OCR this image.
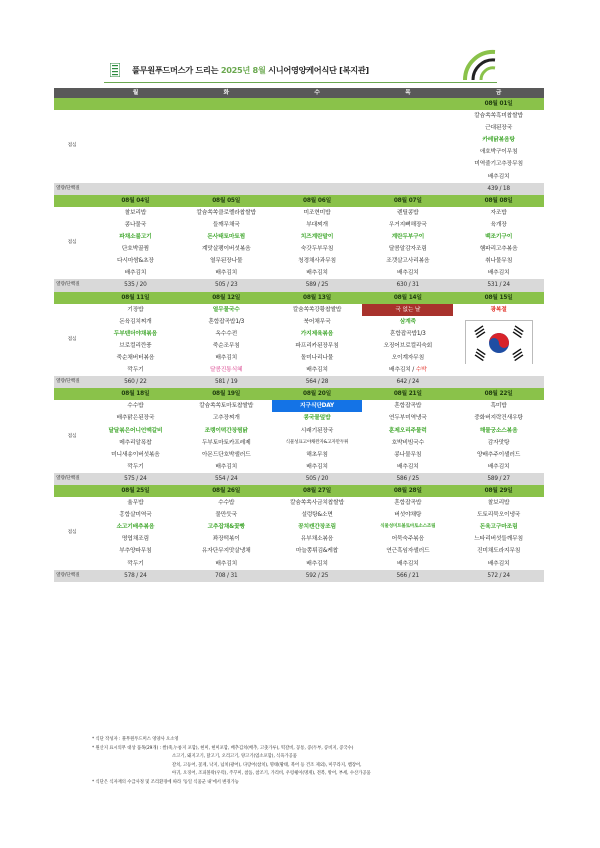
풀무원푸드머스가 드리는 2025년 8월 시니어영양케어식단 [복지관]
	월	화	수	목	금
					08월 01일
점심					칼슘쏙쏙흑미찹쌀밥
					근대된장국
					카레닭볶음탕
					애호박구이무침
					미역줄기고추장무침
					배추김치
열량/단백질					439 / 18
	08월 04일	08월 05일	08월 06일	08월 07일	08월 08일
점심	찰보리밥	칼슘쏙쏙클로렐라찹쌀밥	미조현미밥	렌틸콩밥	자조밥
	콩나물국	들깨무채국	부대찌개	우거지뼈해장국	육개장
	파채소불고기	돈사태토마토찜	치즈계란말이	계란두부구이	백조기구이
	단호박꿀찜	계맛살팽이버섯볶음	숙갓두부무침	달콤알감자조림	햄파리고추볶음
	다시마쌈&초장	열무된장나물	청경채사과무침	조갯살고사리볶음	취나물무침
	배추김치	배추김치	배추김치	배추김치	배추김치
열량/단백질	535 / 20	505 / 23	589 / 25	630 / 31	531 / 24
	08월 11일	08월 12일	08월 13일	08월 14일	08월 15일
점심	기장밥	열무물국수	칼슘쏙쏙강황찹쌀밥	국 없는 날	광복절
	돈육김치찌개	혼합잡곡밥1/3	북어채무국	삼계죽	

	두부텐더야채볶음	옥수수전	가지제육볶음	혼합잡곡밥1/3	
	브로컬리깐풍	죽순조무침	파프리카된장무침	오징어브로컬리숙회	
	죽순채버터볶음	배추김치	돌미나리나물	오이계자무침	
	깍두기	달콤진통식혜	배추김치	배추김치 / 수박	
열량/단백질	560 / 22	581 / 19	564 / 28	642 / 24	
	08월 18일	08월 19일	08월 20일	08월 21일	08월 22일
점심	수수밥	칼슘쏙쏙토마토찹쌀밥	지구식단DAY	혼합잡곡밥	흑미밥
	배추맑은된장국	고추장찌개	콩국물덮밥	연두부미역냉국	중화버지락건새우탕
	달달볶은어니언맥갈비	조랭이떡간장찜닭	시래기된장국	훈제오리주물럭	해물궁소스볶음
	메추리알폭찹	두부토마토카프레제	식물성표고야채완자&고자만두튀	호박비빔국수	감자맛탕
	미니새송이버섯볶음	아몬드단호박샐러드	해초무침	콩나물무침	양배추주이샐러드
	깍두기	배추김치	배추김치	배추김치	배추김치
열량/단백질	575 / 24	554 / 24	505 / 20	586 / 25	589 / 27
	08월 25일	08월 26일	08월 27일	08월 28일	08월 29일
점심	율무밥	수수밥	칼슘쏙쏙사금치찹쌀밥	혼합잡곡밥	찰보리밥
	홍합살미역국	물만둣국	설렁탕&소면	버섯야채탕	도토리묵오이냉국
	소고기배추볶음	고추잡채&꽃빵	꽁치캔간장조림	식물성미트볼토마토소스조림	돈육고구마조림
	명엽채조림	꽈장떡볶이	유부채소볶음	어묵숙주볶음	느타리버섯들깨무침
	부추양파무침	유자단무지맛살냉채	마늘쫑튀김&케찹	연근흑임자샐러드	진미채도라지무침
	깍두기	배추김치	배추김치	배추김치	배추김치
열량/단백질	578 / 24	708 / 31	592 / 25	566 / 21	572 / 24
* 식단 작성자 : 풀무원푸드머스 영양사 오소영
* 원산지 표시의무 대상 품목(29개) : 쌀(죽,누룽지 포함), 현미, 현미포함, 배추김치(배추, 고춧가루), 떡갈비, 꽁통, 콩(두부, 콩비지, 콩국수)
소고기, 돼지고기, 닭고기, 오리고기, 양고기(염소포함), 식육가공품
갈치, 고등어, 꽃게, 낙지, 넙치(광어), 다랑어(참치), 명태(황태, 북어 등 건조 제외), 미꾸라지, 뱀장어,
아귀, 오징어, 조피볼락(우럭), 주꾸미, 참돔, 참조기, 가리비, 우렁쉥이(멍게), 전복, 방어, 부세, 수산가공품
* 식단은 식자재의 수급사정 및 조리환경에 따라 '동일 식품군 내'에서 변경가능
